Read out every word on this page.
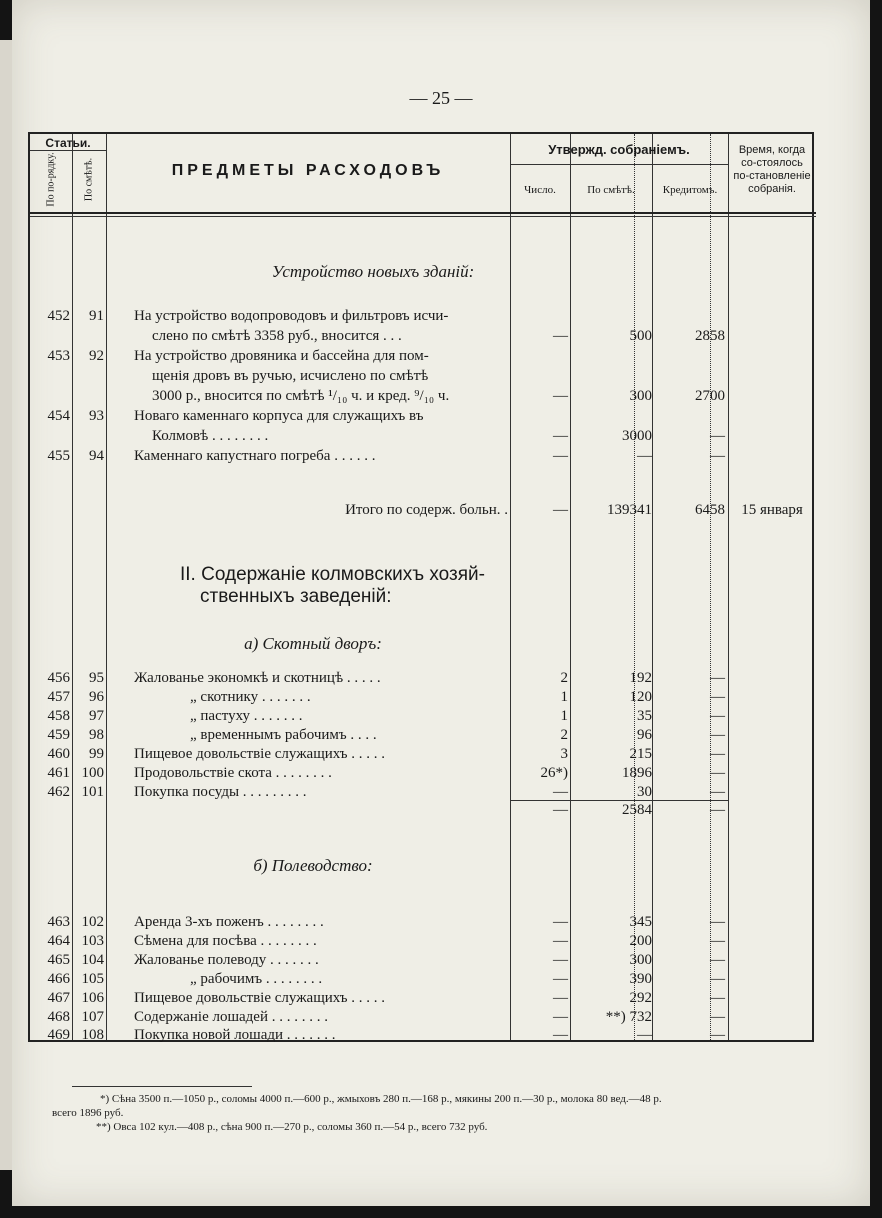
— 25 —
Статьи.
По по-рядку.	По смѣтѣ.	ПРЕДМЕТЫ РАСХОДОВЪ
Утвержд. собраніемъ.
Число.	По смѣтѣ.	Кредитомъ.
Время, когда со-стоялось по-становленіе собранія.
Устройство новыхъ зданій:
452	91 На устройство водопроводовъ и фильтровъ исчи-
слено по смѣтѣ 3358 руб., вносится . . .	—	500	2858
453	92 На устройство дровяника и бассейна для пом-
щенія дровъ въ ручью, исчислено по смѣтѣ
3000 р., вносится по смѣтѣ ¹/₁₀ ч. и кред. ⁹/₁₀ ч.	—	300	2700
454	93 Новаго каменнаго корпуса для служащихъ въ
Колмовѣ . . . . . . . .	—	3000	—
455	94 Каменнаго капустнаго погреба . . . . . .	—	—	—
Итого по содерж. больн. .	—	139341	6458	15 января
II. Содержаніе колмовскихъ хозяй-
ственныхъ заведеній:
а) Скотный дворъ:
456	95 Жалованье экономкѣ и скотницѣ . . . . .	2	192	—
457	96	„ скотнику . . . . . . .	1	120	—
458	97	„ пастуху . . . . . . .	1	35	—
459	98	„ временнымъ рабочимъ . . . .	2	96	—
460	99 Пищевое довольствіе служащихъ . . . . .	3	215	—
461 100 Продовольствіе скота . . . . . . . .	26*)	1896	—
462 101 Покупка посуды . . . . . . . . .	—	30	—
—	2584	—
б) Полеводство:
463 102 Аренда 3-хъ поженъ . . . . . . . .	—	345	—
464 103 Сѣмена для посѣва . . . . . . . .	—	200	—
465 104 Жалованье полеводу . . . . . . .	—	300	—
466 105	„ рабочимъ . . . . . . . .	—	390	—
467 106 Пищевое довольствіе служащихъ . . . . .	—	292	—
468 107 Содержаніе лошадей . . . . . . . .	—	**) 732	—
469 108 Покупка новой лошади . . . . . . .	—	—	—
*) Сѣна 3500 п.—1050 р., соломы 4000 п.—600 р., жмыховъ 280 п.—168 р., мякины 200 п.—30 р., молока 80 вед.—48 р.
всего 1896 руб.
**) Овса 102 кул.—408 р., сѣна 900 п.—270 р., соломы 360 п.—54 р., всего 732 руб.
